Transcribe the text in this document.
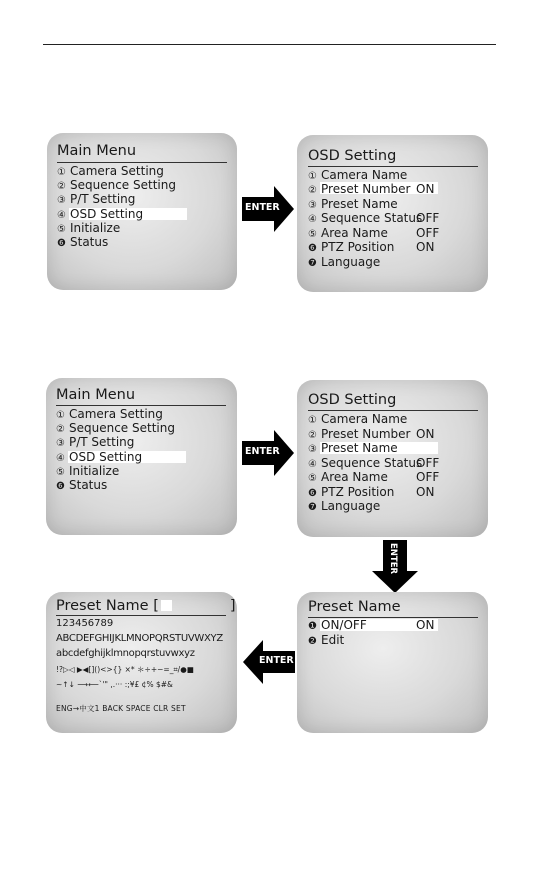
Main Menu
① Camera Setting
② Sequence Setting
③ P/T Setting
④ OSD Setting
⑤ Initialize
❻ Status
ENTER
OSD Setting
① Camera Name
② Preset Number ON
③ Preset Name
④ Sequence Status
OFF
⑤ Area Name OFF
❻ PTZ Position ON
❼ Language
Main Menu
① Camera Setting
② Sequence Setting
③ P/T Setting
④ OSD Setting
⑤ Initialize
❻ Status
ENTER
OSD Setting
① Camera Name
② Preset Number ON
③ Preset Name
④ Sequence Status
OFF
⑤ Area Name OFF
❻ PTZ Position ON
❼ Language
ENTER
Preset Name [	]
123456789
ABCDEFGHIJKLMNOPQRSTUVWXYZ
abcdefghijklmnopqrstuvwxyz
!?▷◁ ▶◀[]()<>{} ×* ＊÷+−=_⌗/●■
~↑↓ ⟶⟵`'" ,.··· :;¥£ ¢% $#&
ENG→中文1 BACK SPACE CLR SET
ENTER
Preset Name
❶ ON/OFF	ON
❷ Edit
